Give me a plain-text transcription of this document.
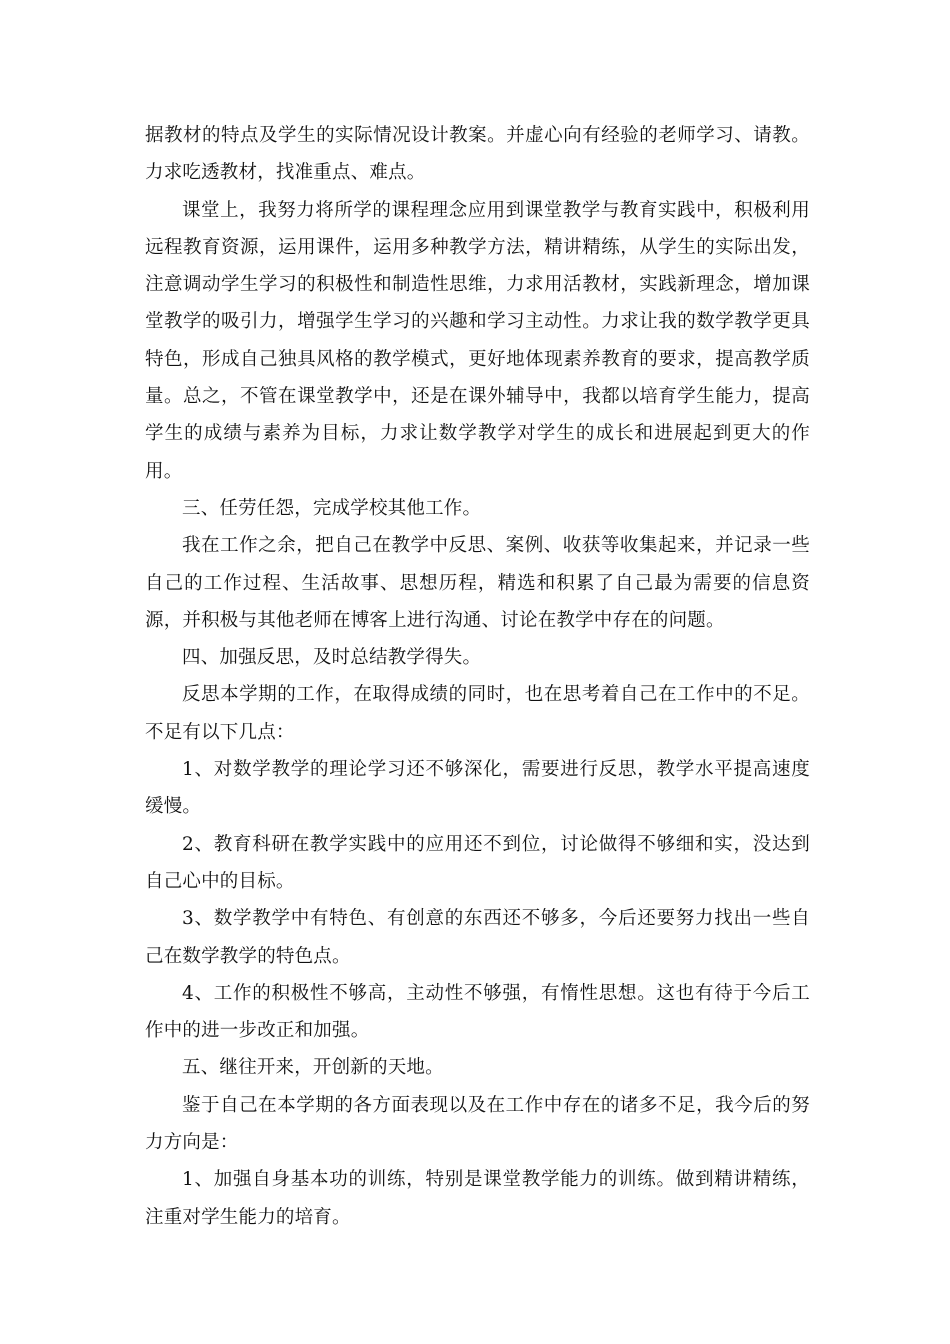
据教材的特点及学生的实际情况设计教案。并虚心向有经验的老师学习、请教。力求吃透教材，找准重点、难点。

课堂上，我努力将所学的课程理念应用到课堂教学与教育实践中，积极利用远程教育资源，运用课件，运用多种教学方法，精讲精练，从学生的实际出发，注意调动学生学习的积极性和制造性思维，力求用活教材，实践新理念，增加课堂教学的吸引力，增强学生学习的兴趣和学习主动性。力求让我的数学教学更具特色，形成自己独具风格的教学模式，更好地体现素养教育的要求，提高教学质量。总之，不管在课堂教学中，还是在课外辅导中，我都以培育学生能力，提高学生的成绩与素养为目标，力求让数学教学对学生的成长和进展起到更大的作用。

三、任劳任怨，完成学校其他工作。

我在工作之余，把自己在教学中反思、案例、收获等收集起来，并记录一些自己的工作过程、生活故事、思想历程，精选和积累了自己最为需要的信息资源，并积极与其他老师在博客上进行沟通、讨论在教学中存在的问题。

四、加强反思，及时总结教学得失。

反思本学期的工作，在取得成绩的同时，也在思考着自己在工作中的不足。不足有以下几点：

1、对数学教学的理论学习还不够深化，需要进行反思，教学水平提高速度缓慢。

2、教育科研在教学实践中的应用还不到位，讨论做得不够细和实，没达到自己心中的目标。

3、数学教学中有特色、有创意的东西还不够多，今后还要努力找出一些自己在数学教学的特色点。

4、工作的积极性不够高，主动性不够强，有惰性思想。这也有待于今后工作中的进一步改正和加强。

五、继往开来，开创新的天地。

鉴于自己在本学期的各方面表现以及在工作中存在的诸多不足，我今后的努力方向是：

1、加强自身基本功的训练，特别是课堂教学能力的训练。做到精讲精练，注重对学生能力的培育。
